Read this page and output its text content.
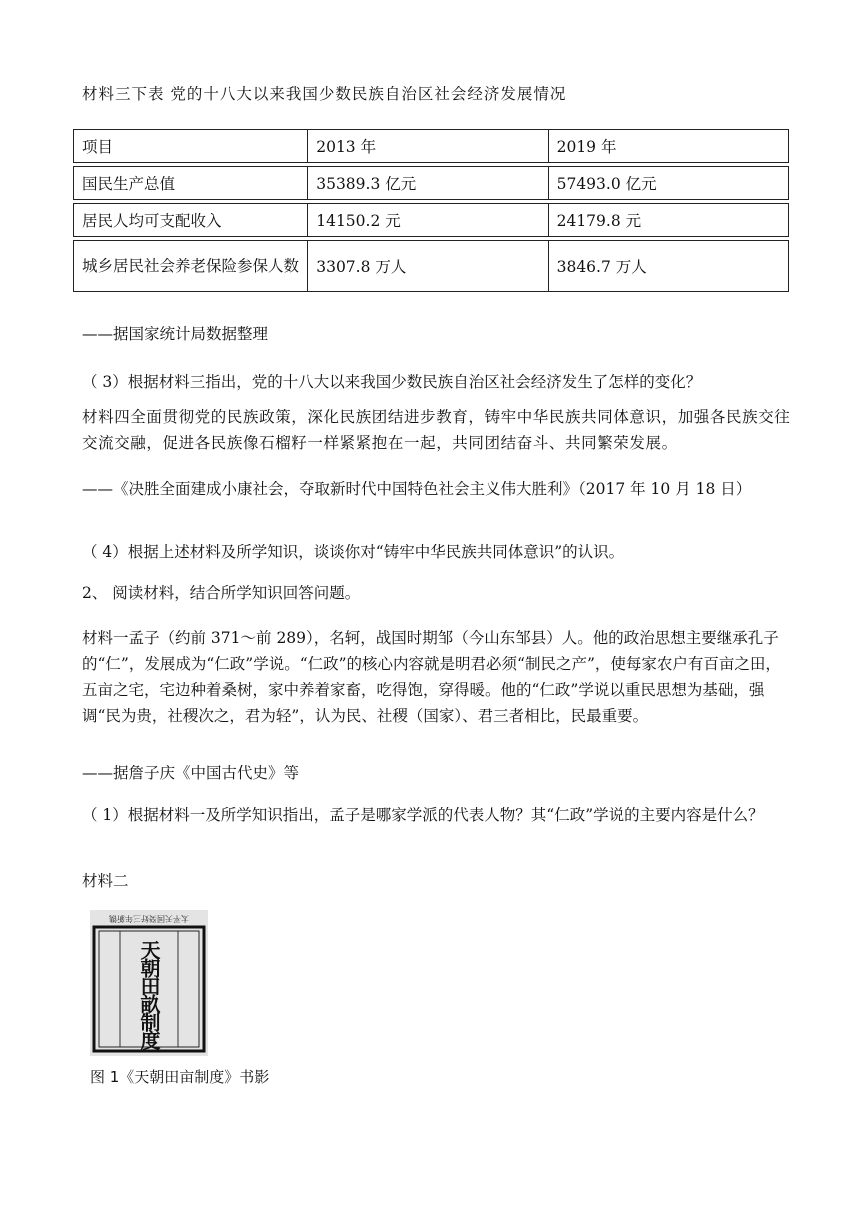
材料三下表 党的十八大以来我国少数民族自治区社会经济发展情况

项目	2013 年	2019 年
国民生产总值	35389.3 亿元	57493.0 亿元
居民人均可支配收入	14150.2 元	24179.8 元
城乡居民社会养老保险参保人数	3307.8 万人	3846.7 万人

——据国家统计局数据整理

（ 3）根据材料三指出，党的十八大以来我国少数民族自治区社会经济发生了怎样的变化？

材料四全面贯彻党的民族政策，深化民族团结进步教育，铸牢中华民族共同体意识，加强各民族交往交流交融，促进各民族像石榴籽一样紧紧抱在一起，共同团结奋斗、共同繁荣发展。

——《决胜全面建成小康社会，夺取新时代中国特色社会主义伟大胜利》（2017 年 10 月 18 日）

（ 4）根据上述材料及所学知识，谈谈你对“铸牢中华民族共同体意识”的认识。

2、 阅读材料，结合所学知识回答问题。

材料一孟子（约前 371～前 289），名轲，战国时期邹（今山东邹县）人。他的政治思想主要继承孔子的“仁”，发展成为“仁政”学说。“仁政”的核心内容就是明君必须“制民之产”，使每家农户有百亩之田，五亩之宅，宅边种着桑树，家中养着家畜，吃得饱，穿得暖。他的“仁政”学说以重民思想为基础，强调“民为贵，社稷次之，君为轻”，认为民、社稷（国家）、君三者相比，民最重要。

——据詹子庆《中国古代史》等

（ 1）根据材料一及所学知识指出，孟子是哪家学派的代表人物？其“仁政”学说的主要内容是什么？

材料二

太平天国癸好三年新镌
天朝田畝制度
图 1《天朝田亩制度》书影
